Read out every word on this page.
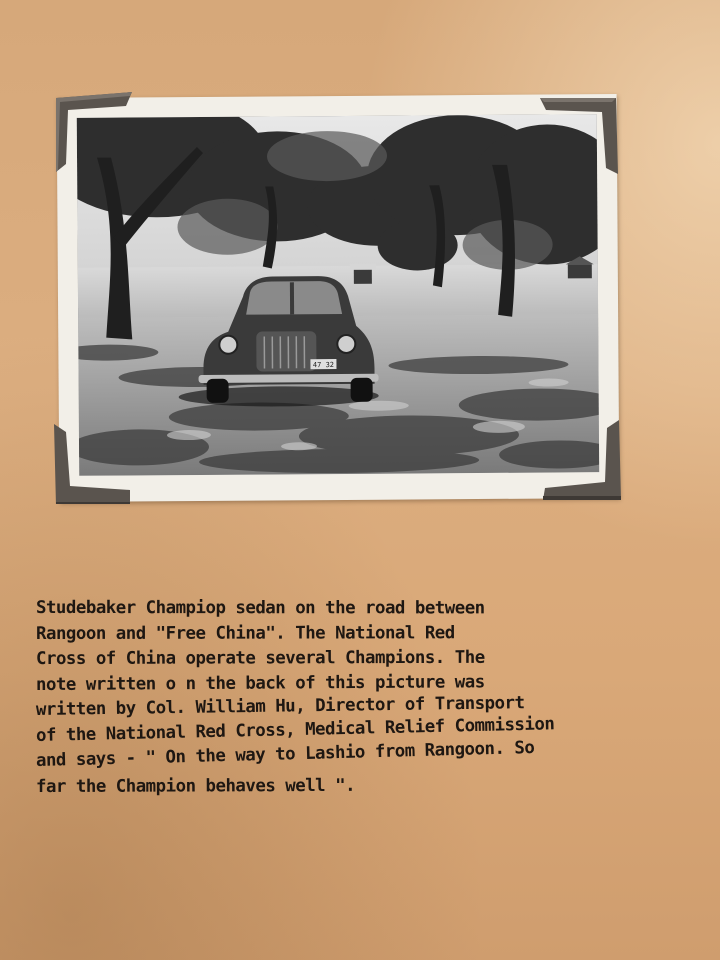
47 32
Studebaker Champiop sedan on the road between
Rangoon and "Free China". The National Red
Cross of China operate several Champions. The
note written o n the back of this picture was
written by Col. William Hu, Director of Transport
of the National Red Cross, Medical Relief Commission
and says - " On the way to Lashio from Rangoon. So
far the Champion behaves well ".
